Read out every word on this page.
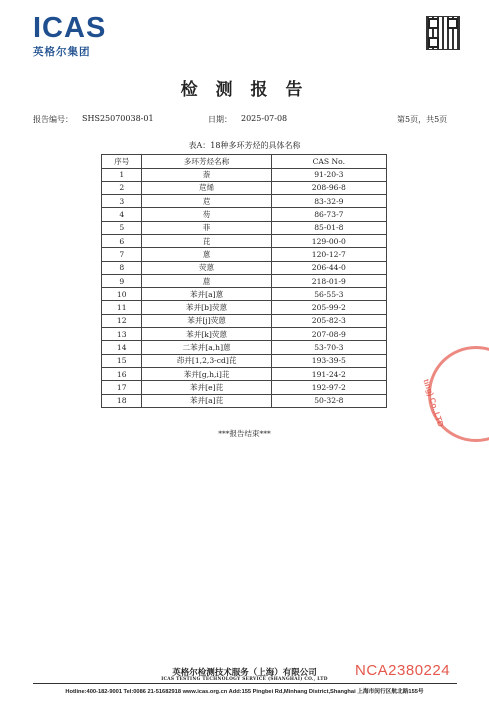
ICAS
英格尔集团
检 测 报 告
报告编号： SHS25070038-01	日期： 2025-07-08	第5页，共5页
表A：18种多环芳烃的具体名称
序号	多环芳烃名称	CAS No.
1	萘	91-20-3
2	苊烯	208-96-8
3	苊	83-32-9
4	芴	86-73-7
5	菲	85-01-8
6	芘	129-00-0
7	蒽	120-12-7
8	荧蒽	206-44-0
9	䓛	218-01-9
10	苯并[a]蒽	56-55-3
11	苯并[b]荧蒽	205-99-2
12	苯并[j]荧蒽	205-82-3
13	苯并[k]荧蒽	207-08-9
14	二苯并[a,h]蒽	53-70-3
15	茚并[1,2,3-cd]芘	193-39-5
16	苯并[g,h,i]苝	191-24-2
17	苯并[e]芘	192-97-2
18	苯并[a]芘	50-32-8
***报告结束***
ting) Co.,LTD
NCA2380224
英格尔检测技术服务（上海）有限公司
ICAS TESTING TECHNOLOGY SERVICE (SHANGHAI) CO., LTD
Hotline:400-182-9001 Tel:0086 21-51682918 www.icas.org.cn Add:155 Pingbei Rd,Minhang District,Shanghai 上海市闵行区航北路155号
